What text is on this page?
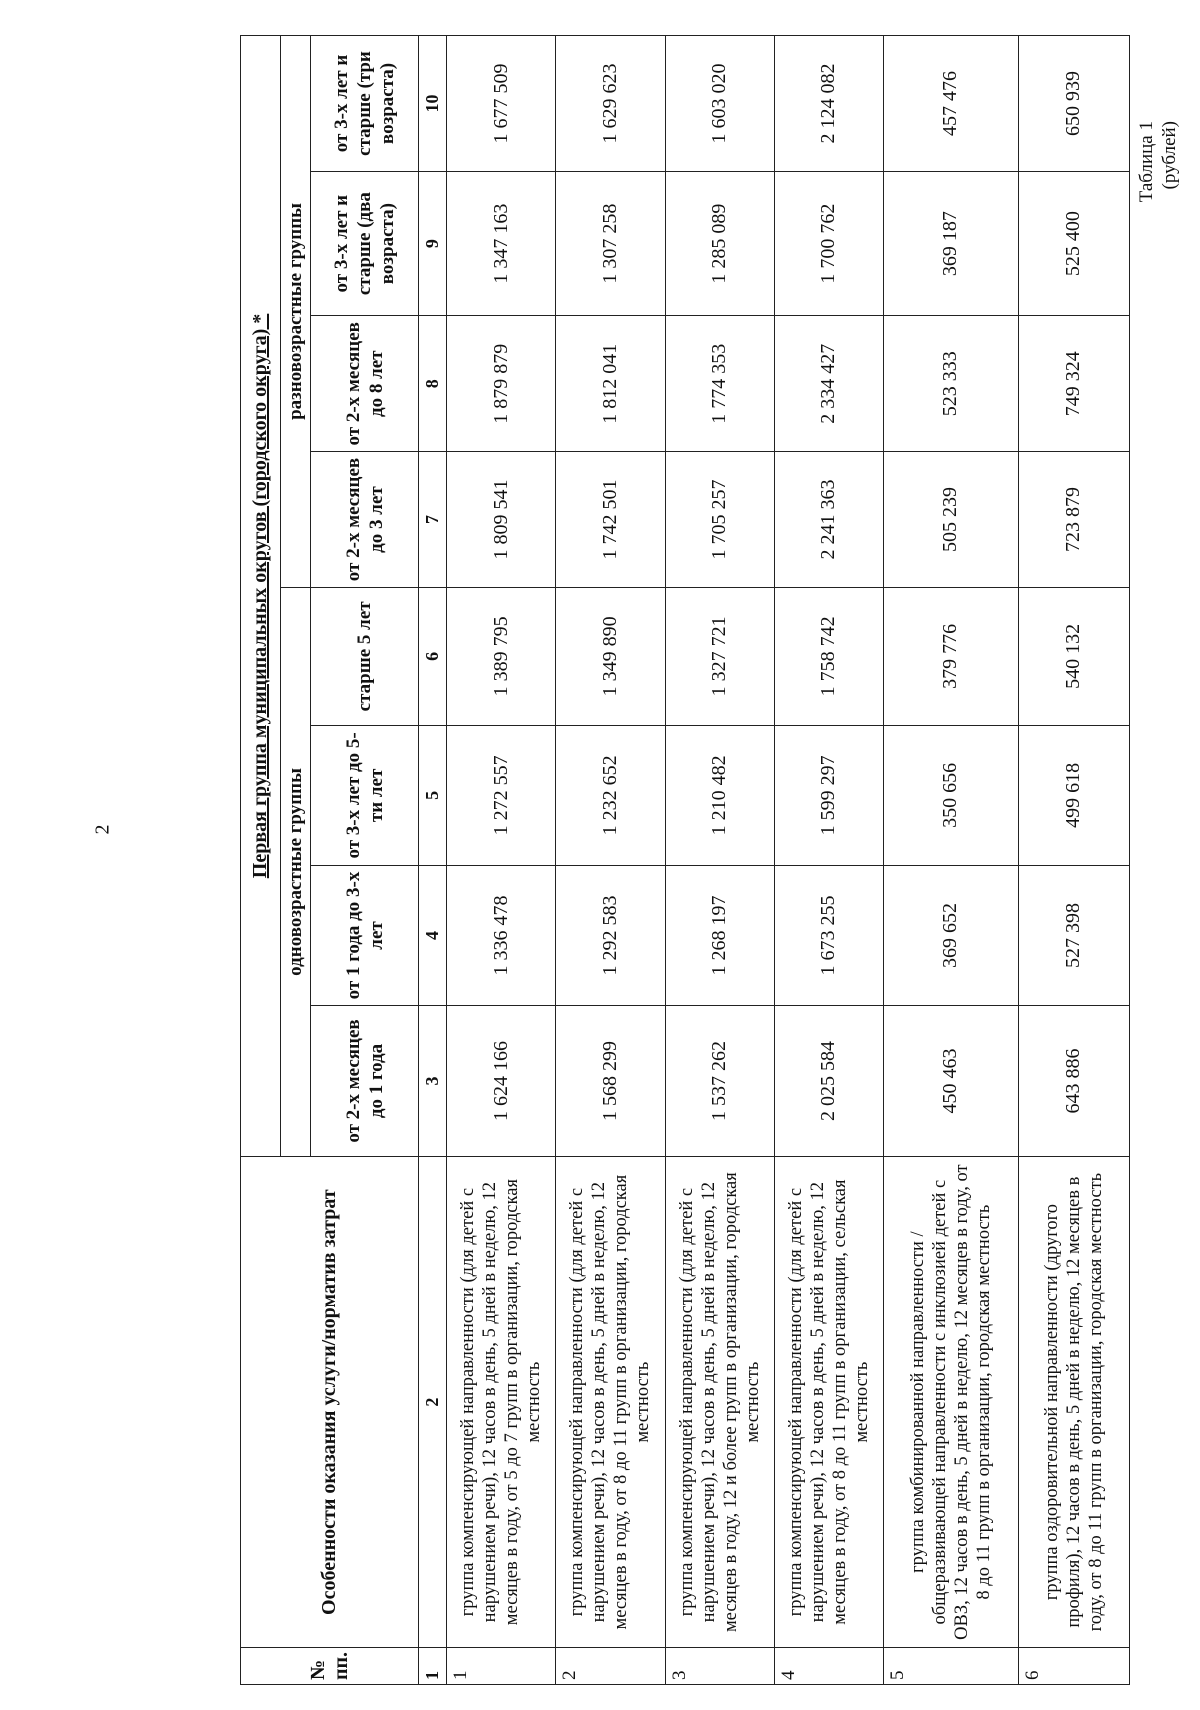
2
Таблица 1 (рублей)
№ пп.	Особенности оказания услуги/норматив затрат	Первая группа муниципальных округов (городского округа) *							
		одновозрастные группы				разновозрастные группы			
		от 2-х месяцев до 1 года	от 1 года до 3-х лет	от 3-х лет до 5-ти лет	старше 5 лет	от 2-х месяцев до 3 лет	от 2-х месяцев до 8 лет	от 3-х лет и старше (два возраста)	от 3-х лет и старше (три возраста)
1	2	3	4	5	6	7	8	9	10
1	группа компенсирующей направленности (для детей с нарушением речи), 12 часов в день, 5 дней в неделю, 12 месяцев в году, от 5 до 7 групп в организации, городская местность	1 624 166	1 336 478	1 272 557	1 389 795	1 809 541	1 879 879	1 347 163	1 677 509
2	группа компенсирующей направленности (для детей с нарушением речи), 12 часов в день, 5 дней в неделю, 12 месяцев в году, от 8 до 11 групп в организации, городская местность	1 568 299	1 292 583	1 232 652	1 349 890	1 742 501	1 812 041	1 307 258	1 629 623
3	группа компенсирующей направленности (для детей с нарушением речи), 12 часов в день, 5 дней в неделю, 12 месяцев в году, 12 и более групп в организации, городская местность	1 537 262	1 268 197	1 210 482	1 327 721	1 705 257	1 774 353	1 285 089	1 603 020
4	группа компенсирующей направленности (для детей с нарушением речи), 12 часов в день, 5 дней в неделю, 12 месяцев в году, от 8 до 11 групп в организации, сельская местность	2 025 584	1 673 255	1 599 297	1 758 742	2 241 363	2 334 427	1 700 762	2 124 082
5	группа комбинированной направленности / общеразвивающей направленности с инклюзией детей с ОВЗ, 12 часов в день, 5 дней в неделю, 12 месяцев в году, от 8 до 11 групп в организации, городская местность	450 463	369 652	350 656	379 776	505 239	523 333	369 187	457 476
6	группа оздоровительной направленности (другого профиля), 12 часов в день, 5 дней в неделю, 12 месяцев в году, от 8 до 11 групп в организации, городская местность	643 886	527 398	499 618	540 132	723 879	749 324	525 400	650 939
